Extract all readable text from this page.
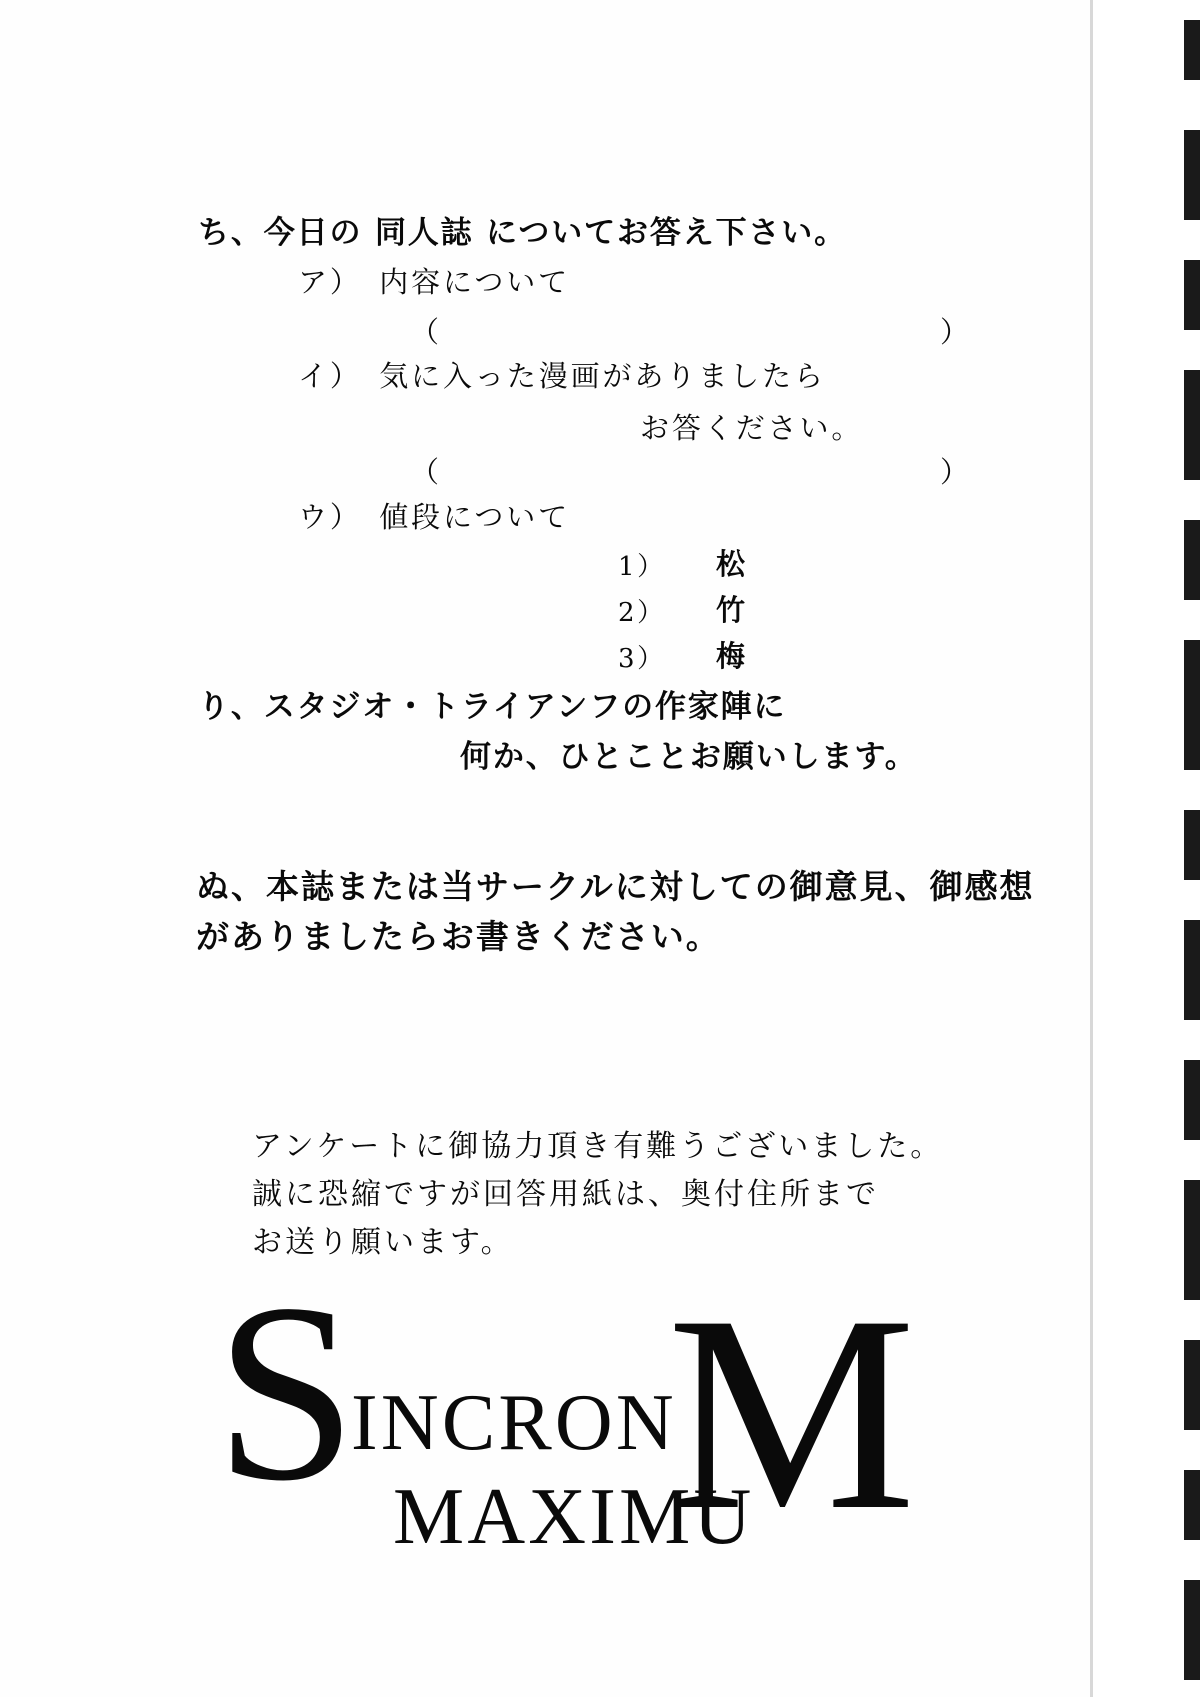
ち、今日の 同人誌 についてお答え下さい。
ア）　 内容について
（	）
イ）　 気に入った漫画がありましたら
お答ください。
（	）
ウ）　 値段について
1） 松
2） 竹
3） 梅
り、スタジオ・トライアンフの作家陣に
何か、ひとことお願いします。
ぬ、本誌または当サークルに対しての御意見、御感想
がありましたらお書きください。
アンケートに御協力頂き有難うございました。
誠に恐縮ですが回答用紙は、奥付住所まで
お送り願います。
S
INCRON
MAXIMU
M
